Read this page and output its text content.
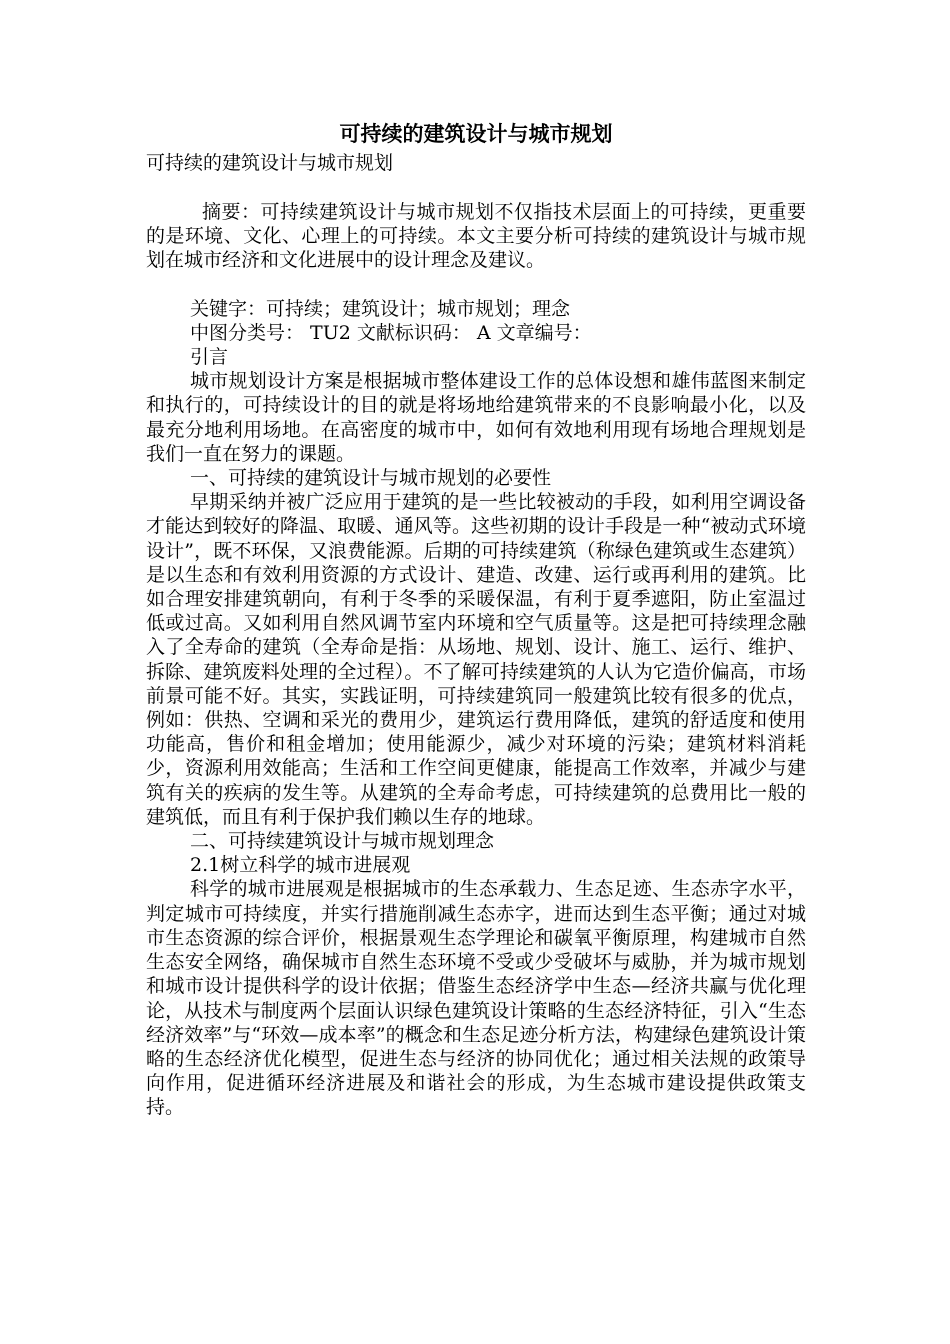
可持续的建筑设计与城市规划

可持续的建筑设计与城市规划

摘要：可持续建筑设计与城市规划不仅指技术层面上的可持续，更重要的是环境、文化、心理上的可持续。本文主要分析可持续的建筑设计与城市规划在城市经济和文化进展中的设计理念及建议。

关键字：可持续；建筑设计；城市规划；理念

中图分类号： TU2 文献标识码： A 文章编号：

引言

城市规划设计方案是根据城市整体建设工作的总体设想和雄伟蓝图来制定和执行的，可持续设计的目的就是将场地给建筑带来的不良影响最小化，以及最充分地利用场地。在高密度的城市中，如何有效地利用现有场地合理规划是我们一直在努力的课题。

一、可持续的建筑设计与城市规划的必要性

早期采纳并被广泛应用于建筑的是一些比较被动的手段，如利用空调设备才能达到较好的降温、取暖、通风等。这些初期的设计手段是一种“被动式环境设计”，既不环保，又浪费能源。后期的可持续建筑（称绿色建筑或生态建筑）是以生态和有效利用资源的方式设计、建造、改建、运行或再利用的建筑。比如合理安排建筑朝向，有利于冬季的采暖保温，有利于夏季遮阳，防止室温过低或过高。又如利用自然风调节室内环境和空气质量等。这是把可持续理念融入了全寿命的建筑（全寿命是指：从场地、规划、设计、施工、运行、维护、拆除、建筑废料处理的全过程）。不了解可持续建筑的人认为它造价偏高，市场前景可能不好。其实，实践证明，可持续建筑同一般建筑比较有很多的优点，例如：供热、空调和采光的费用少，建筑运行费用降低，建筑的舒适度和使用功能高，售价和租金增加；使用能源少，减少对环境的污染；建筑材料消耗少，资源利用效能高；生活和工作空间更健康，能提高工作效率，并减少与建筑有关的疾病的发生等。从建筑的全寿命考虑，可持续建筑的总费用比一般的建筑低，而且有利于保护我们赖以生存的地球。

二、可持续建筑设计与城市规划理念

2.1树立科学的城市进展观

科学的城市进展观是根据城市的生态承载力、生态足迹、生态赤字水平，判定城市可持续度，并实行措施削减生态赤字，进而达到生态平衡；通过对城市生态资源的综合评价，根据景观生态学理论和碳氧平衡原理，构建城市自然生态安全网络，确保城市自然生态环境不受或少受破坏与威胁，并为城市规划和城市设计提供科学的设计依据；借鉴生态经济学中生态—经济共赢与优化理论，从技术与制度两个层面认识绿色建筑设计策略的生态经济特征，引入“生态经济效率”与“环效—成本率”的概念和生态足迹分析方法，构建绿色建筑设计策略的生态经济优化模型，促进生态与经济的协同优化；通过相关法规的政策导向作用，促进循环经济进展及和谐社会的形成，为生态城市建设提供政策支持。
